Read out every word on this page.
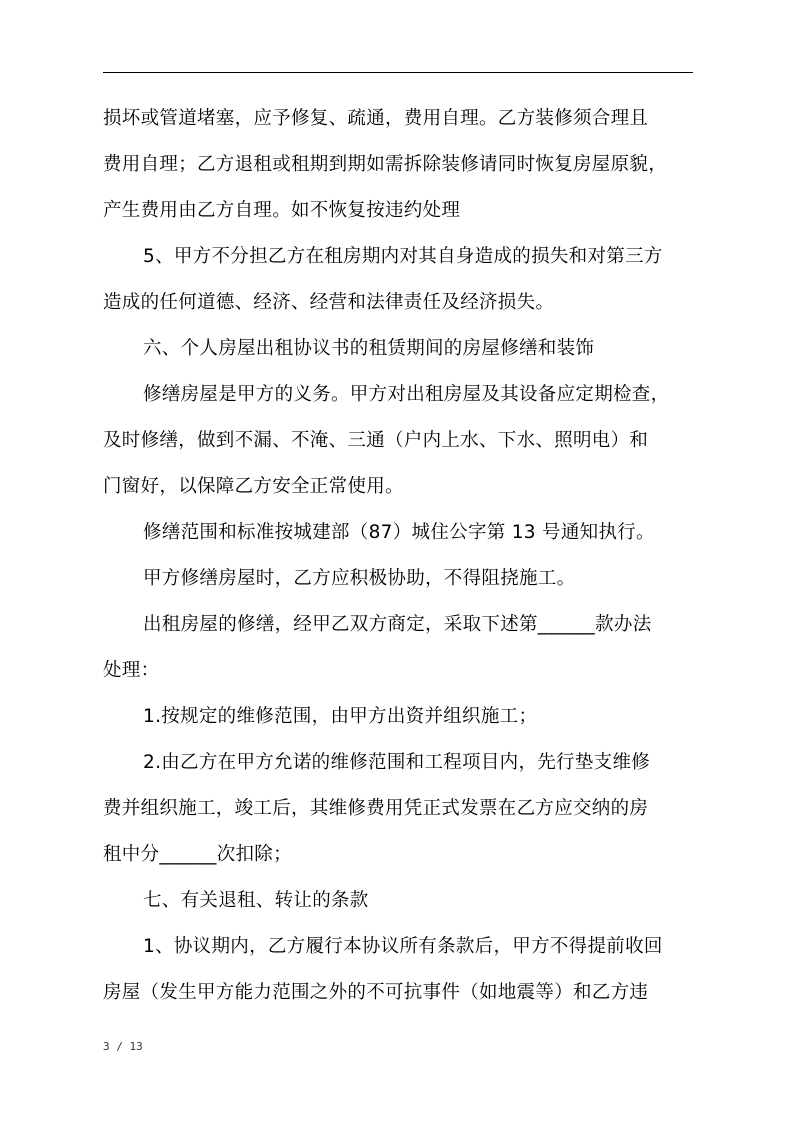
损坏或管道堵塞，应予修复、疏通，费用自理。乙方装修须合理且
费用自理；乙方退租或租期到期如需拆除装修请同时恢复房屋原貌，
产生费用由乙方自理。如不恢复按违约处理
5、甲方不分担乙方在租房期内对其自身造成的损失和对第三方
造成的任何道德、经济、经营和法律责任及经济损失。
六、个人房屋出租协议书的租赁期间的房屋修缮和装饰
修缮房屋是甲方的义务。甲方对出租房屋及其设备应定期检查，
及时修缮，做到不漏、不淹、三通（户内上水、下水、照明电）和
门窗好，以保障乙方安全正常使用。
修缮范围和标准按城建部（87）城住公字第 13 号通知执行。
甲方修缮房屋时，乙方应积极协助，不得阻挠施工。
出租房屋的修缮，经甲乙双方商定，采取下述第______款办法
处理：
1.按规定的维修范围，由甲方出资并组织施工；
2.由乙方在甲方允诺的维修范围和工程项目内，先行垫支维修
费并组织施工，竣工后，其维修费用凭正式发票在乙方应交纳的房
租中分______次扣除；
七、有关退租、转让的条款
1、协议期内，乙方履行本协议所有条款后，甲方不得提前收回
房屋（发生甲方能力范围之外的不可抗事件（如地震等）和乙方违
3 / 13
